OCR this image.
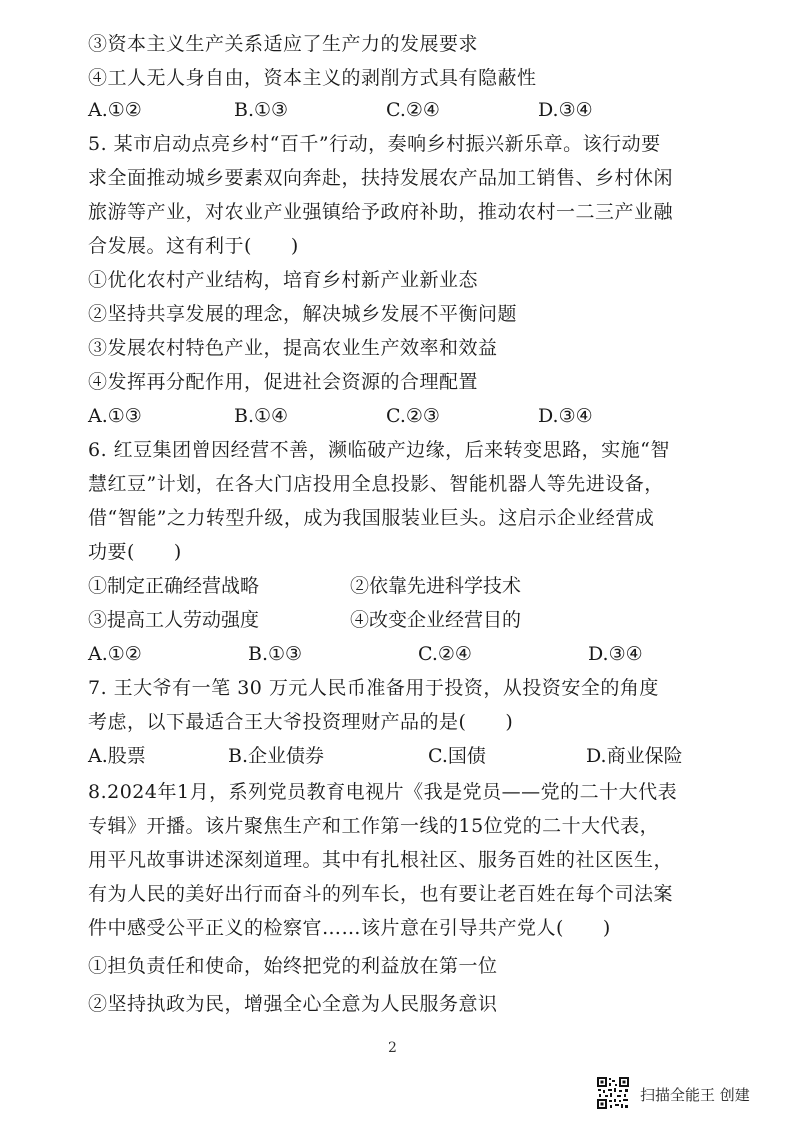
③资本主义生产关系适应了生产力的发展要求
④工人无人身自由，资本主义的剥削方式具有隐蔽性
A.①②	B.①③	C.②④	D.③④
5. 某市启动点亮乡村“百千”行动，奏响乡村振兴新乐章。该行动要
求全面推动城乡要素双向奔赴，扶持发展农产品加工销售、乡村休闲
旅游等产业，对农业产业强镇给予政府补助，推动农村一二三产业融
合发展。这有利于(　　)
①优化农村产业结构，培育乡村新产业新业态
②坚持共享发展的理念，解决城乡发展不平衡问题
③发展农村特色产业，提高农业生产效率和效益
④发挥再分配作用，促进社会资源的合理配置
A.①③	B.①④	C.②③	D.③④
6. 红豆集团曾因经营不善，濒临破产边缘，后来转变思路，实施“智
慧红豆”计划，在各大门店投用全息投影、智能机器人等先进设备，
借“智能”之力转型升级，成为我国服装业巨头。这启示企业经营成
功要(　　)
①制定正确经营战略	②依靠先进科学技术
③提高工人劳动强度	④改变企业经营目的
A.①②	B.①③	C.②④	D.③④
7. 王大爷有一笔 30 万元人民币准备用于投资，从投资安全的角度
考虑，以下最适合王大爷投资理财产品的是(　　)
A.股票	B.企业债券	C.国债	D.商业保险
8.2024年1月，系列党员教育电视片《我是党员——党的二十大代表
专辑》开播。该片聚焦生产和工作第一线的15位党的二十大代表，
用平凡故事讲述深刻道理。其中有扎根社区、服务百姓的社区医生，
有为人民的美好出行而奋斗的列车长，也有要让老百姓在每个司法案
件中感受公平正义的检察官……该片意在引导共产党人(　　)
①担负责任和使命，始终把党的利益放在第一位
②坚持执政为民，增强全心全意为人民服务意识
2
扫描全能王 创建
